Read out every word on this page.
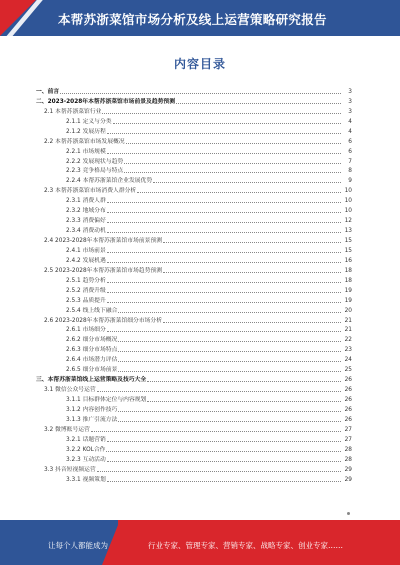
本帮苏浙菜馆市场分析及线上运营策略研究报告
内容目录
一、前言	3
二、2023-2028年本帮苏浙菜馆市场前景及趋势预测	3
2.1 本帮苏浙菜馆行业	3
2.1.1 定义与分类	4
2.1.2 发展历程	4
2.2 本帮苏浙菜馆市场发展概况	6
2.2.1 市场规模	6
2.2.2 发展现状与趋势	7
2.2.3 竞争格局与特点	8
2.2.4 本帮苏浙菜馆企业发展优势	9
2.3 本帮苏浙菜馆市场消费人群分析	10
2.3.1 消费人群	10
2.3.2 地域分布	10
2.3.3 消费偏好	12
2.3.4 消费动机	13
2.4 2023-2028年本帮苏浙菜馆市场前景预测	15
2.4.1 市场前景	15
2.4.2 发展机遇	16
2.5 2023-2028年本帮苏浙菜馆市场趋势预测	18
2.5.1 趋势分析	18
2.5.2 消费升级	19
2.5.3 品质提升	19
2.5.4 线上线下融合	20
2.6 2023-2028年本帮苏浙菜馆细分市场分析	21
2.6.1 市场细分	21
2.6.2 细分市场概况	22
2.6.3 细分市场特点	23
2.6.4 市场潜力评估	24
2.6.5 细分市场前景	25
三、本帮苏浙菜馆线上运营策略及技巧大全	26
3.1 微信公众号运营	26
3.1.1 目标群体定位与内容规划	26
3.1.2 内容创作技巧	26
3.1.3 推广引流方法	26
3.2 微博账号运营	27
3.2.1 话题营销	27
3.2.2 KOL合作	28
3.2.3 互动活动	28
3.3 抖音短视频运营	29
3.3.1 视频策划	29
让每个人都能成为	行业专家、管理专家、营销专家、战略专家、创业专家……
